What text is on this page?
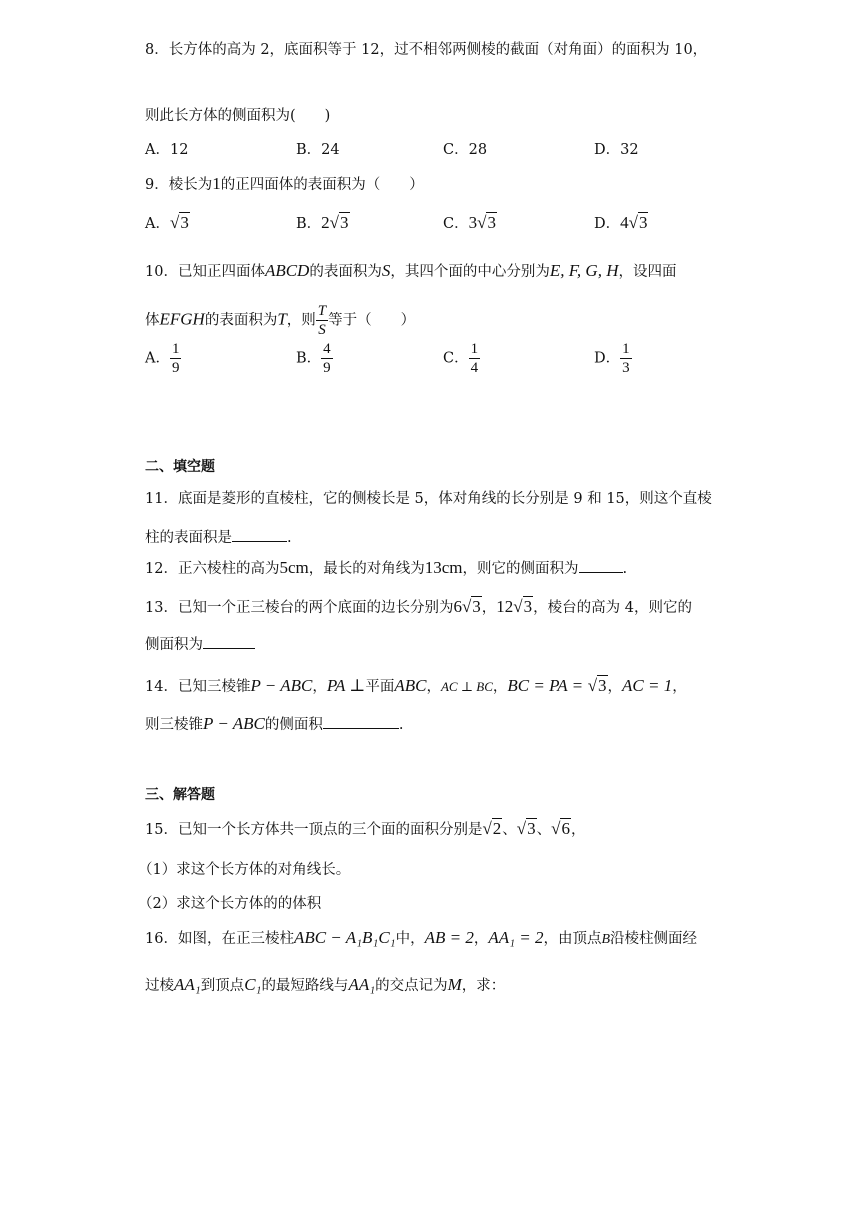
8．长方体的高为 2，底面积等于 12，过不相邻两侧棱的截面（对角面）的面积为 10，
则此长方体的侧面积为(　　)
A．12	B．24	C．28	D．32
9．棱长为1的正四面体的表面积为（　　）
A．√3	B．2√3	C．3√3	D．4√3
10．已知正四面体ABCD的表面积为S，其四个面的中心分别为E, F, G, H，设四面
体EFGH的表面积为T，则 $\frac{T}{S}$ 等于（　　）
A． $\frac{1}{9}$	B． $\frac{4}{9}$	C． $\frac{1}{4}$	D． $\frac{1}{3}$
二、填空题
11．底面是菱形的直棱柱，它的侧棱长是 5，体对角线的长分别是 9 和 15，则这个直棱
柱的表面积是	.
12．正六棱柱的高为5cm，最长的对角线为13cm，则它的侧面积为	.
13．已知一个正三棱台的两个底面的边长分别为6√3，12√3，棱台的高为 4，则它的
侧面积为
14．已知三棱锥P − ABC，PA ⊥平面ABC，AC ⊥ BC，BC = PA = √3，AC = 1，
则三棱锥P − ABC的侧面积	.
三、解答题
15．已知一个长方体共一顶点的三个面的面积分别是√2、√3、√6，
（1）求这个长方体的对角线长。
（2）求这个长方体的的体积
16．如图，在正三棱柱ABC − A₁B₁C₁中，AB = 2，AA₁ = 2，由顶点B沿棱柱侧面经
过棱AA₁到顶点C₁的最短路线与AA₁的交点记为M，求：
